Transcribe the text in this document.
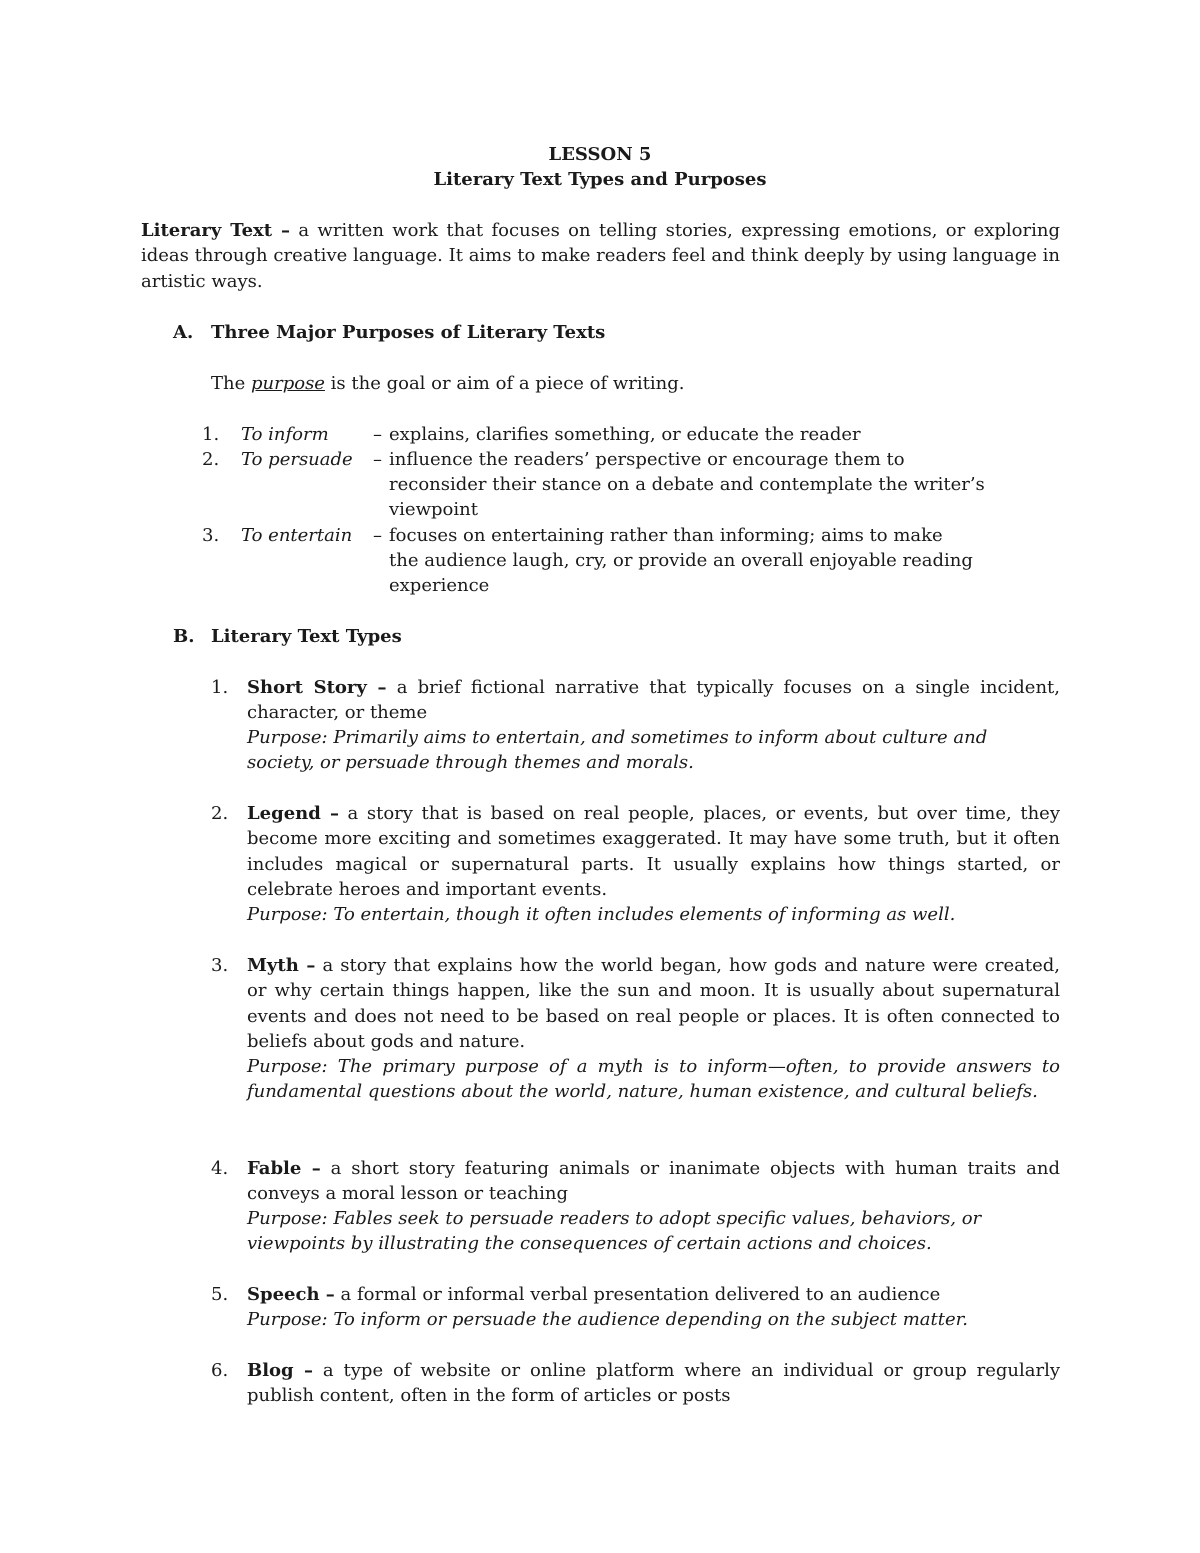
LESSON 5
Literary Text Types and Purposes
Literary Text – a written work that focuses on telling stories, expressing emotions, or exploring ideas through creative language. It aims to make readers feel and think deeply by using language in artistic ways.
A. Three Major Purposes of Literary Texts
The purpose is the goal or aim of a piece of writing.
1.	To inform – explains, clarifies something, or educate the reader
2.	To persuade – influence the readers’ perspective or encourage them to
reconsider their stance on a debate and contemplate the writer’s
viewpoint
3.	To entertain – focuses on entertaining rather than informing; aims to make
the audience laugh, cry, or provide an overall enjoyable reading
experience
B. Literary Text Types
1.	Short Story – a brief fictional narrative that typically focuses on a single incident, character, or theme
Purpose: Primarily aims to entertain, and sometimes to inform about culture and society, or persuade through themes and morals.
2.	Legend – a story that is based on real people, places, or events, but over time, they become more exciting and sometimes exaggerated. It may have some truth, but it often includes magical or supernatural parts. It usually explains how things started, or celebrate heroes and important events.
Purpose: To entertain, though it often includes elements of informing as well.
3.	Myth – a story that explains how the world began, how gods and nature were created, or why certain things happen, like the sun and moon. It is usually about supernatural events and does not need to be based on real people or places. It is often connected to beliefs about gods and nature.
Purpose: The primary purpose of a myth is to inform—often, to provide answers to fundamental questions about the world, nature, human existence, and cultural beliefs.
4.	Fable – a short story featuring animals or inanimate objects with human traits and conveys a moral lesson or teaching
Purpose: Fables seek to persuade readers to adopt specific values, behaviors, or viewpoints by illustrating the consequences of certain actions and choices.
5.	Speech – a formal or informal verbal presentation delivered to an audience
Purpose: To inform or persuade the audience depending on the subject matter.
6.	Blog – a type of website or online platform where an individual or group regularly publish content, often in the form of articles or posts
